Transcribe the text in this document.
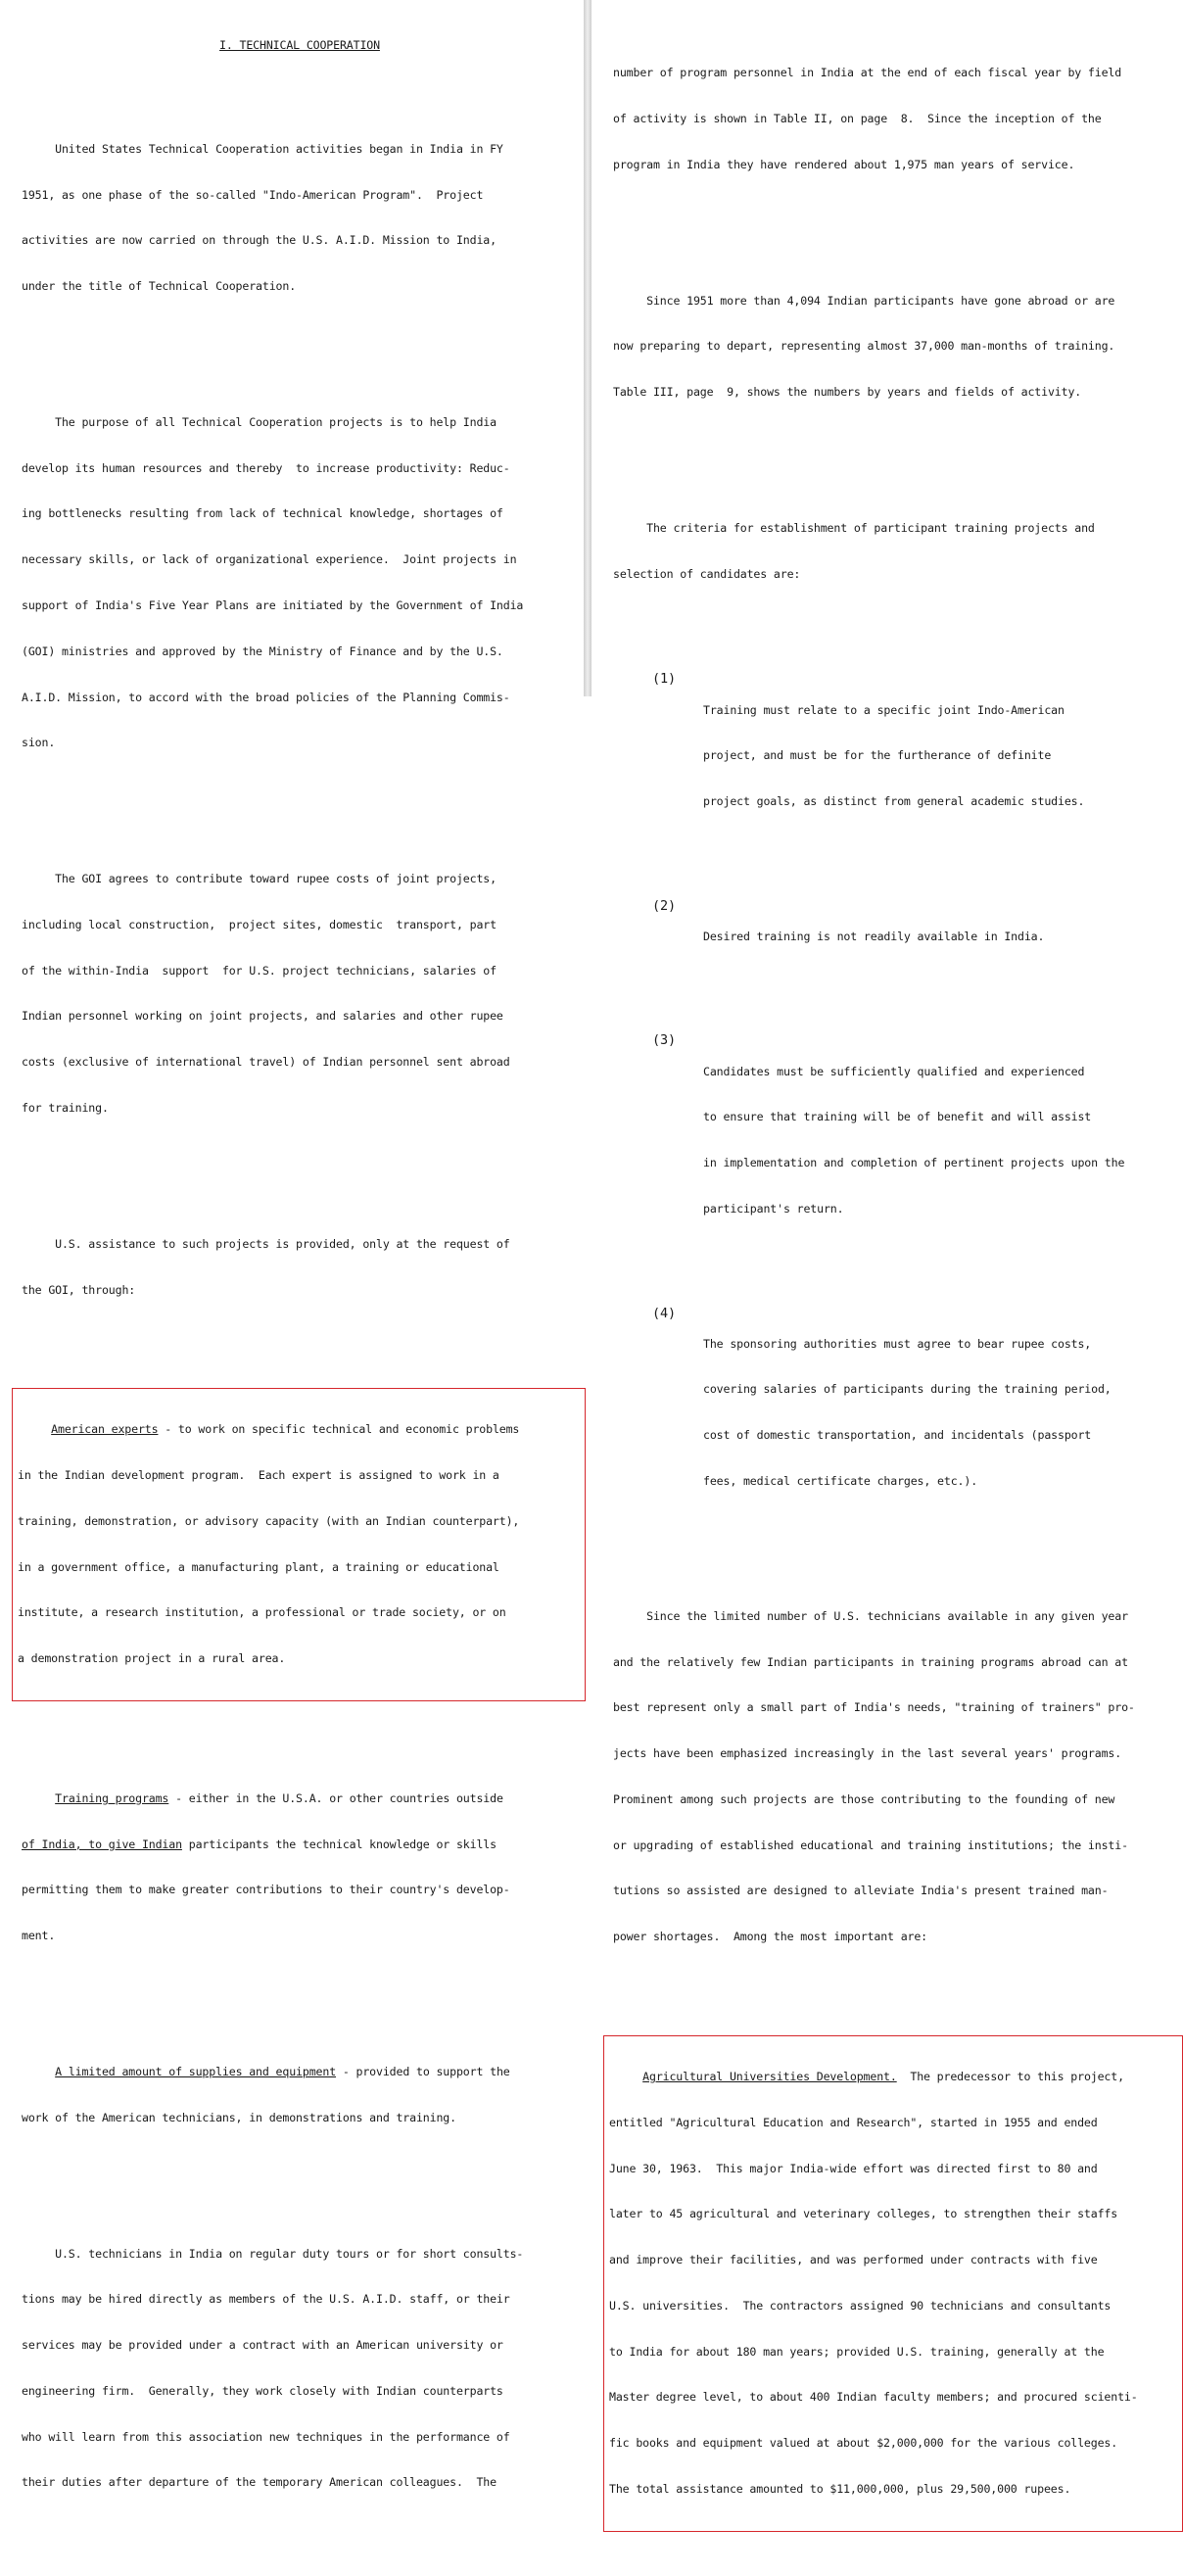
I. TECHNICAL COOPERATION

United States Technical Cooperation activities began in India in FY

1951, as one phase of the so-called "Indo-American Program".  Project

activities are now carried on through the U.S. A.I.D. Mission to India,

under the title of Technical Cooperation.

The purpose of all Technical Cooperation projects is to help India

develop its human resources and thereby  to increase productivity: Reduc-

ing bottlenecks resulting from lack of technical knowledge, shortages of

necessary skills, or lack of organizational experience.  Joint projects in

support of India's Five Year Plans are initiated by the Government of India

(GOI) ministries and approved by the Ministry of Finance and by the U.S.

A.I.D. Mission, to accord with the broad policies of the Planning Commis-

sion.

The GOI agrees to contribute toward rupee costs of joint projects,

including local construction,  project sites, domestic  transport, part

of the within-India  support  for U.S. project technicians, salaries of

Indian personnel working on joint projects, and salaries and other rupee

costs (exclusive of international travel) of Indian personnel sent abroad

for training.

U.S. assistance to such projects is provided, only at the request of

the GOI, through:

American experts - to work on specific technical and economic problems

in the Indian development program.  Each expert is assigned to work in a

training, demonstration, or advisory capacity (with an Indian counterpart),

in a government office, a manufacturing plant, a training or educational

institute, a research institution, a professional or trade society, or on

a demonstration project in a rural area.

Training programs - either in the U.S.A. or other countries outside

of India, to give Indian participants the technical knowledge or skills

permitting them to make greater contributions to their country's develop-

ment.

A limited amount of supplies and equipment - provided to support the

work of the American technicians, in demonstrations and training.

U.S. technicians in India on regular duty tours or for short consults-

tions may be hired directly as members of the U.S. A.I.D. staff, or their

services may be provided under a contract with an American university or

engineering firm.  Generally, they work closely with Indian counterparts

who will learn from this association new techniques in the performance of

their duties after departure of the temporary American colleagues.  The

number of program personnel in India at the end of each fiscal year by field

of activity is shown in Table II, on page  8.  Since the inception of the

program in India they have rendered about 1,975 man years of service.

Since 1951 more than 4,094 Indian participants have gone abroad or are

now preparing to depart, representing almost 37,000 man-months of training.

Table III, page  9, shows the numbers by years and fields of activity.

The criteria for establishment of participant training projects and

selection of candidates are:

(1)

Training must relate to a specific joint Indo-American

project, and must be for the furtherance of definite

project goals, as distinct from general academic studies.

(2)

Desired training is not readily available in India.

(3)

Candidates must be sufficiently qualified and experienced

to ensure that training will be of benefit and will assist

in implementation and completion of pertinent projects upon the

participant's return.

(4)

The sponsoring authorities must agree to bear rupee costs,

covering salaries of participants during the training period,

cost of domestic transportation, and incidentals (passport

fees, medical certificate charges, etc.).

Since the limited number of U.S. technicians available in any given year

and the relatively few Indian participants in training programs abroad can at

best represent only a small part of India's needs, "training of trainers" pro-

jects have been emphasized increasingly in the last several years' programs.

Prominent among such projects are those contributing to the founding of new

or upgrading of established educational and training institutions; the insti-

tutions so assisted are designed to alleviate India's present trained man-

power shortages.  Among the most important are:

Agricultural Universities Development.  The predecessor to this project,

entitled "Agricultural Education and Research", started in 1955 and ended

June 30, 1963.  This major India-wide effort was directed first to 80 and

later to 45 agricultural and veterinary colleges, to strengthen their staffs

and improve their facilities, and was performed under contracts with five

U.S. universities.  The contractors assigned 90 technicians and consultants

to India for about 180 man years; provided U.S. training, generally at the

Master degree level, to about 400 Indian faculty members; and procured scienti-

fic books and equipment valued at about $2,000,000 for the various colleges.

The total assistance amounted to $11,000,000, plus 29,500,000 rupees.
